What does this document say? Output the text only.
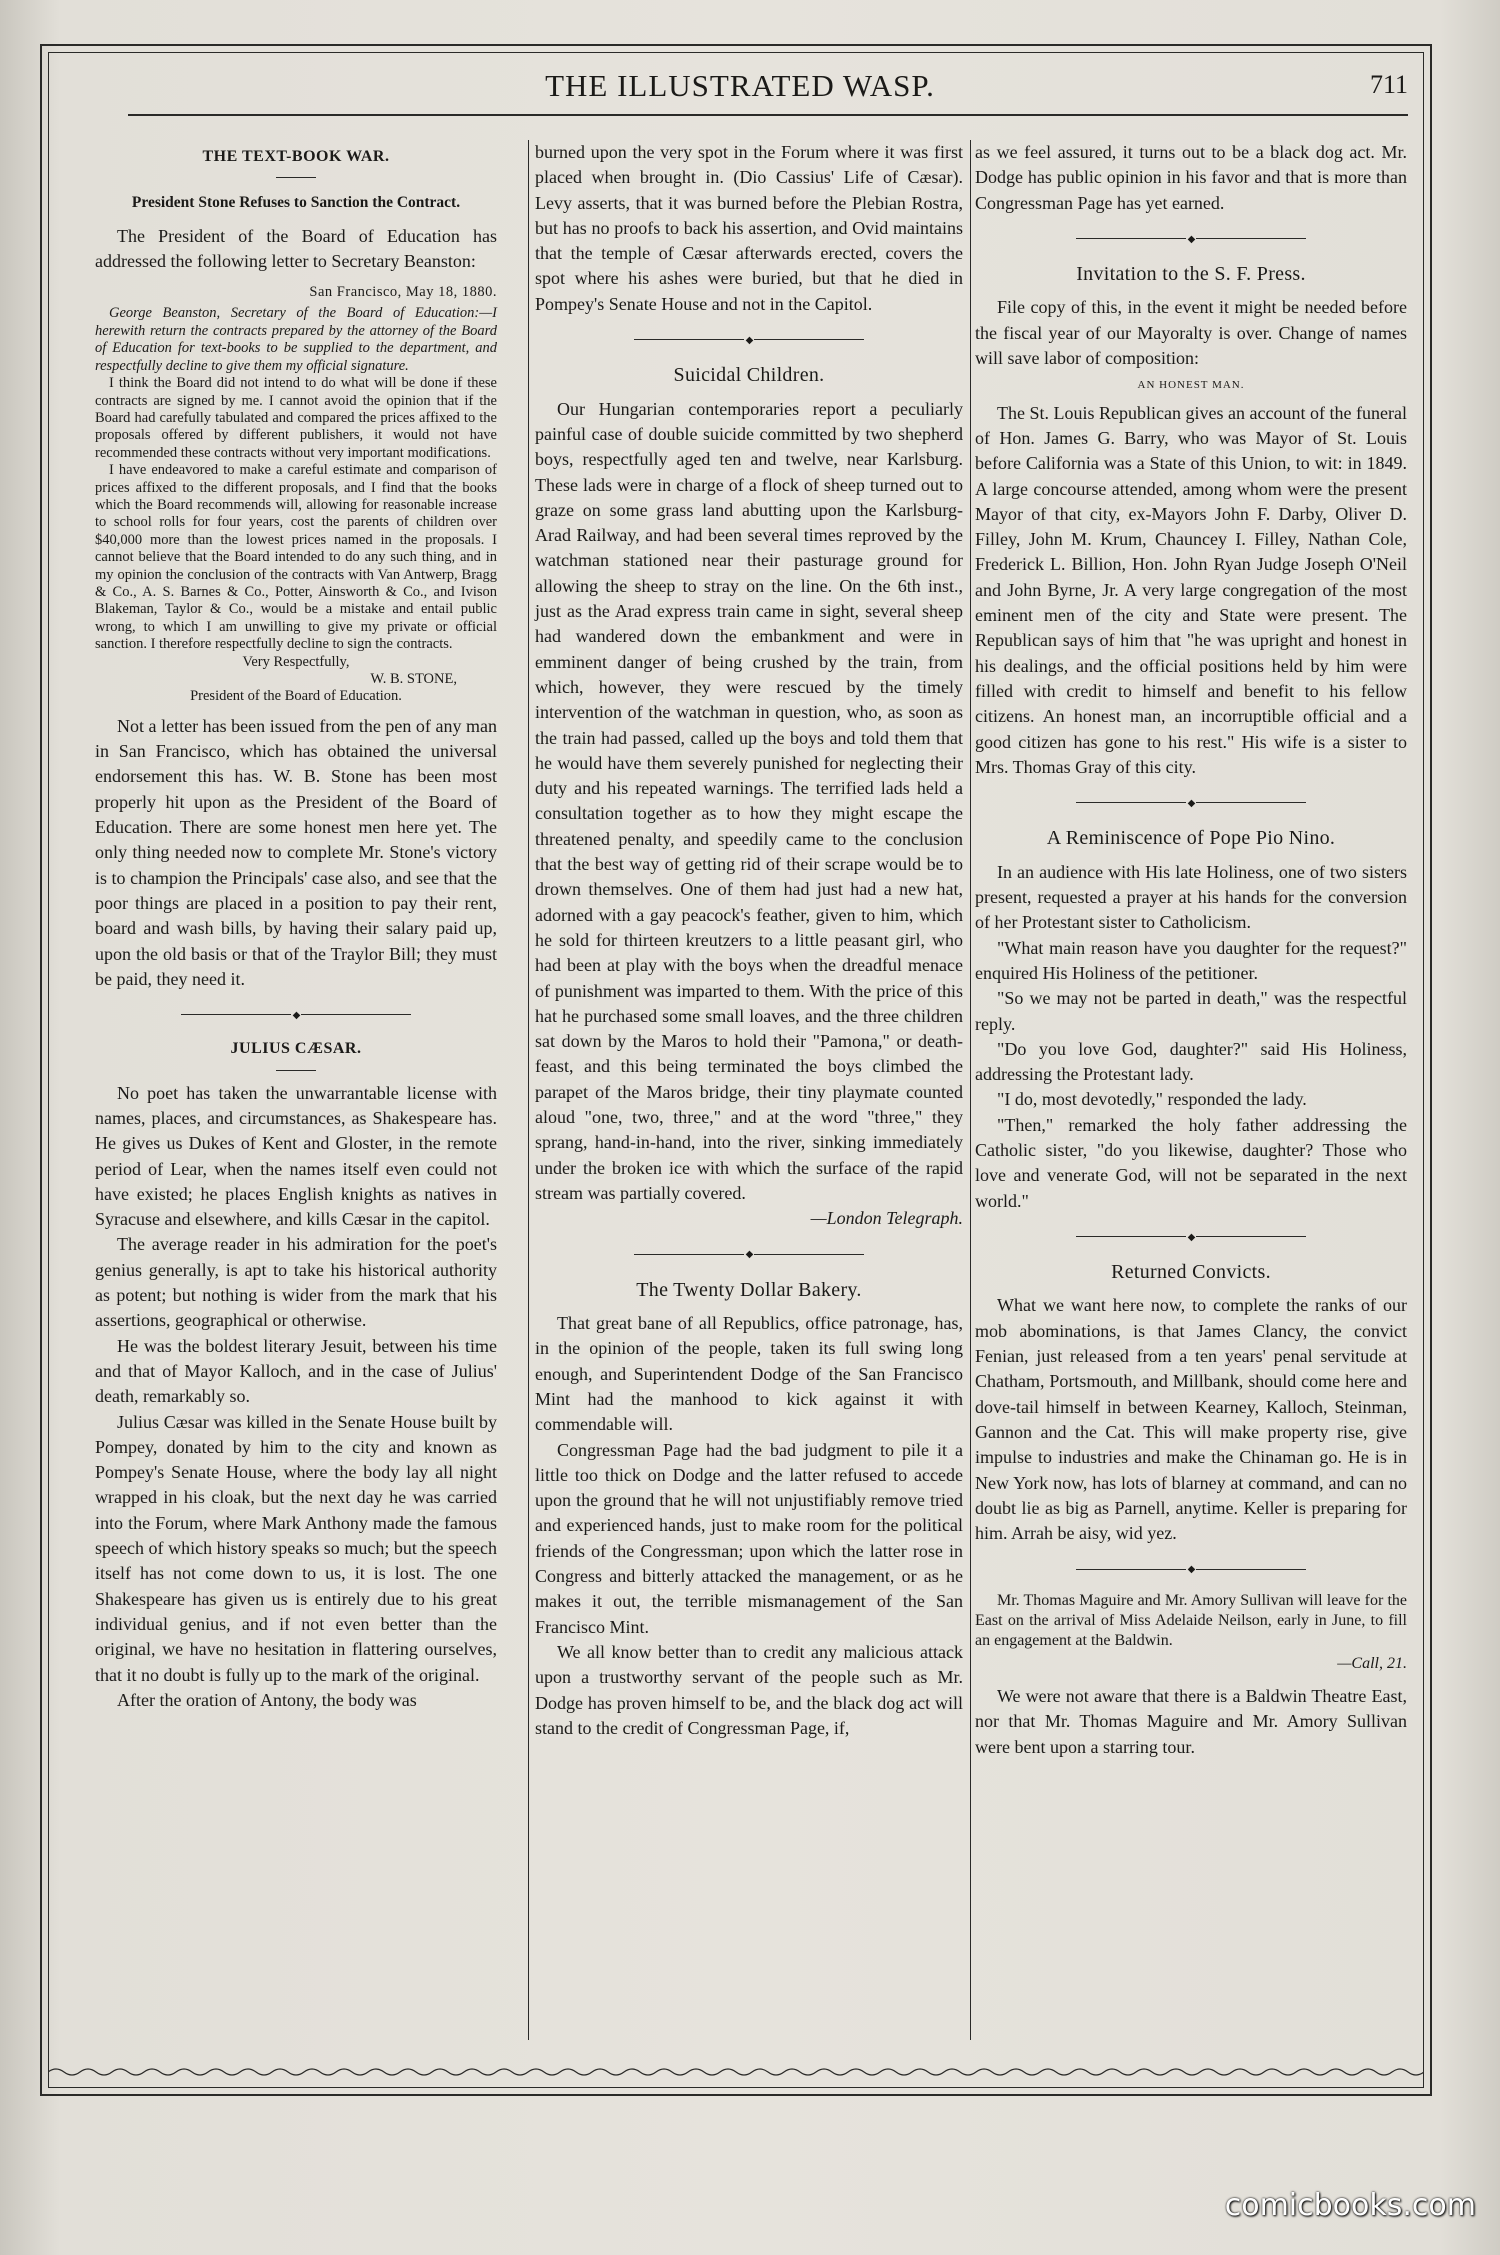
THE ILLUSTRATED WASP.	711
THE TEXT-BOOK WAR.
President Stone Refuses to Sanction the Contract.

The President of the Board of Education has addressed the following letter to Secretary Beanston:

San Francisco, May 18, 1880.

George Beanston, Secretary of the Board of Education:—I herewith return the contracts prepared by the attorney of the Board of Education for text-books to be supplied to the department, and respectfully decline to give them my official signature.

I think the Board did not intend to do what will be done if these contracts are signed by me. I cannot avoid the opinion that if the Board had carefully tabulated and compared the prices affixed to the proposals offered by different publishers, it would not have recommended these contracts without very important modifications.

I have endeavored to make a careful estimate and comparison of prices affixed to the different proposals, and I find that the books which the Board recommends will, allowing for reasonable increase to school rolls for four years, cost the parents of children over $40,000 more than the lowest prices named in the proposals. I cannot believe that the Board intended to do any such thing, and in my opinion the conclusion of the contracts with Van Antwerp, Bragg & Co., A. S. Barnes & Co., Potter, Ainsworth & Co., and Ivison Blakeman, Taylor & Co., would be a mistake and entail public wrong, to which I am unwilling to give my private or official sanction. I therefore respectfully decline to sign the contracts.

Very Respectfully,

W. B. STONE,

President of the Board of Education.

Not a letter has been issued from the pen of any man in San Francisco, which has obtained the universal endorsement this has. W. B. Stone has been most properly hit upon as the President of the Board of Education. There are some honest men here yet. The only thing needed now to complete Mr. Stone's victory is to champion the Principals' case also, and see that the poor things are placed in a position to pay their rent, board and wash bills, by having their salary paid up, upon the old basis or that of the Traylor Bill; they must be paid, they need it.

◆
JULIUS CÆSAR.

No poet has taken the unwarrantable license with names, places, and circumstances, as Shakespeare has. He gives us Dukes of Kent and Gloster, in the remote period of Lear, when the names itself even could not have existed; he places English knights as natives in Syracuse and elsewhere, and kills Cæsar in the capitol.

The average reader in his admiration for the poet's genius generally, is apt to take his historical authority as potent; but nothing is wider from the mark that his assertions, geographical or otherwise.

He was the boldest literary Jesuit, between his time and that of Mayor Kalloch, and in the case of Julius' death, remarkably so.

Julius Cæsar was killed in the Senate House built by Pompey, donated by him to the city and known as Pompey's Senate House, where the body lay all night wrapped in his cloak, but the next day he was carried into the Forum, where Mark Anthony made the famous speech of which history speaks so much; but the speech itself has not come down to us, it is lost. The one Shakespeare has given us is entirely due to his great individual genius, and if not even better than the original, we have no hesitation in flattering ourselves, that it no doubt is fully up to the mark of the original.

After the oration of Antony, the body was

burned upon the very spot in the Forum where it was first placed when brought in. (Dio Cassius' Life of Cæsar). Levy asserts, that it was burned before the Plebian Rostra, but has no proofs to back his assertion, and Ovid maintains that the temple of Cæsar afterwards erected, covers the spot where his ashes were buried, but that he died in Pompey's Senate House and not in the Capitol.

◆
Suicidal Children.

Our Hungarian contemporaries report a peculiarly painful case of double suicide committed by two shepherd boys, respectfully aged ten and twelve, near Karlsburg. These lads were in charge of a flock of sheep turned out to graze on some grass land abutting upon the Karlsburg-Arad Railway, and had been several times reproved by the watchman stationed near their pasturage ground for allowing the sheep to stray on the line. On the 6th inst., just as the Arad express train came in sight, several sheep had wandered down the embankment and were in emminent danger of being crushed by the train, from which, however, they were rescued by the timely intervention of the watchman in question, who, as soon as the train had passed, called up the boys and told them that he would have them severely punished for neglecting their duty and his repeated warnings. The terrified lads held a consultation together as to how they might escape the threatened penalty, and speedily came to the conclusion that the best way of getting rid of their scrape would be to drown themselves. One of them had just had a new hat, adorned with a gay peacock's feather, given to him, which he sold for thirteen kreutzers to a little peasant girl, who had been at play with the boys when the dreadful menace of punishment was imparted to them. With the price of this hat he purchased some small loaves, and the three children sat down by the Maros to hold their "Pamona," or death-feast, and this being terminated the boys climbed the parapet of the Maros bridge, their tiny playmate counted aloud "one, two, three," and at the word "three," they sprang, hand-in-hand, into the river, sinking immediately under the broken ice with which the surface of the rapid stream was partially covered.

—London Telegraph.

◆
The Twenty Dollar Bakery.

That great bane of all Republics, office patronage, has, in the opinion of the people, taken its full swing long enough, and Superintendent Dodge of the San Francisco Mint had the manhood to kick against it with commendable will.

Congressman Page had the bad judgment to pile it a little too thick on Dodge and the latter refused to accede upon the ground that he will not unjustifiably remove tried and experienced hands, just to make room for the political friends of the Congressman; upon which the latter rose in Congress and bitterly attacked the management, or as he makes it out, the terrible mismanagement of the San Francisco Mint.

We all know better than to credit any malicious attack upon a trustworthy servant of the people such as Mr. Dodge has proven himself to be, and the black dog act will stand to the credit of Congressman Page, if,

as we feel assured, it turns out to be a black dog act. Mr. Dodge has public opinion in his favor and that is more than Congressman Page has yet earned.

◆
Invitation to the S. F. Press.

File copy of this, in the event it might be needed before the fiscal year of our Mayoralty is over. Change of names will save labor of composition:

AN HONEST MAN.

The St. Louis Republican gives an account of the funeral of Hon. James G. Barry, who was Mayor of St. Louis before California was a State of this Union, to wit: in 1849. A large concourse attended, among whom were the present Mayor of that city, ex-Mayors John F. Darby, Oliver D. Filley, John M. Krum, Chauncey I. Filley, Nathan Cole, Frederick L. Billion, Hon. John Ryan Judge Joseph O'Neil and John Byrne, Jr. A very large congregation of the most eminent men of the city and State were present. The Republican says of him that "he was upright and honest in his dealings, and the official positions held by him were filled with credit to himself and benefit to his fellow citizens. An honest man, an incorruptible official and a good citizen has gone to his rest." His wife is a sister to Mrs. Thomas Gray of this city.

◆
A Reminiscence of Pope Pio Nino.

In an audience with His late Holiness, one of two sisters present, requested a prayer at his hands for the conversion of her Protestant sister to Catholicism.

"What main reason have you daughter for the request?" enquired His Holiness of the petitioner.

"So we may not be parted in death," was the respectful reply.

"Do you love God, daughter?" said His Holiness, addressing the Protestant lady.

"I do, most devotedly," responded the lady.

"Then," remarked the holy father addressing the Catholic sister, "do you likewise, daughter? Those who love and venerate God, will not be separated in the next world."

◆
Returned Convicts.

What we want here now, to complete the ranks of our mob abominations, is that James Clancy, the convict Fenian, just released from a ten years' penal servitude at Chatham, Portsmouth, and Millbank, should come here and dove-tail himself in between Kearney, Kalloch, Steinman, Gannon and the Cat. This will make property rise, give impulse to industries and make the Chinaman go. He is in New York now, has lots of blarney at command, and can no doubt lie as big as Parnell, anytime. Keller is preparing for him. Arrah be aisy, wid yez.

◆

Mr. Thomas Maguire and Mr. Amory Sullivan will leave for the East on the arrival of Miss Adelaide Neilson, early in June, to fill an engagement at the Baldwin.

—Call, 21.

We were not aware that there is a Baldwin Theatre East, nor that Mr. Thomas Maguire and Mr. Amory Sullivan were bent upon a starring tour.

comicbooks.com
